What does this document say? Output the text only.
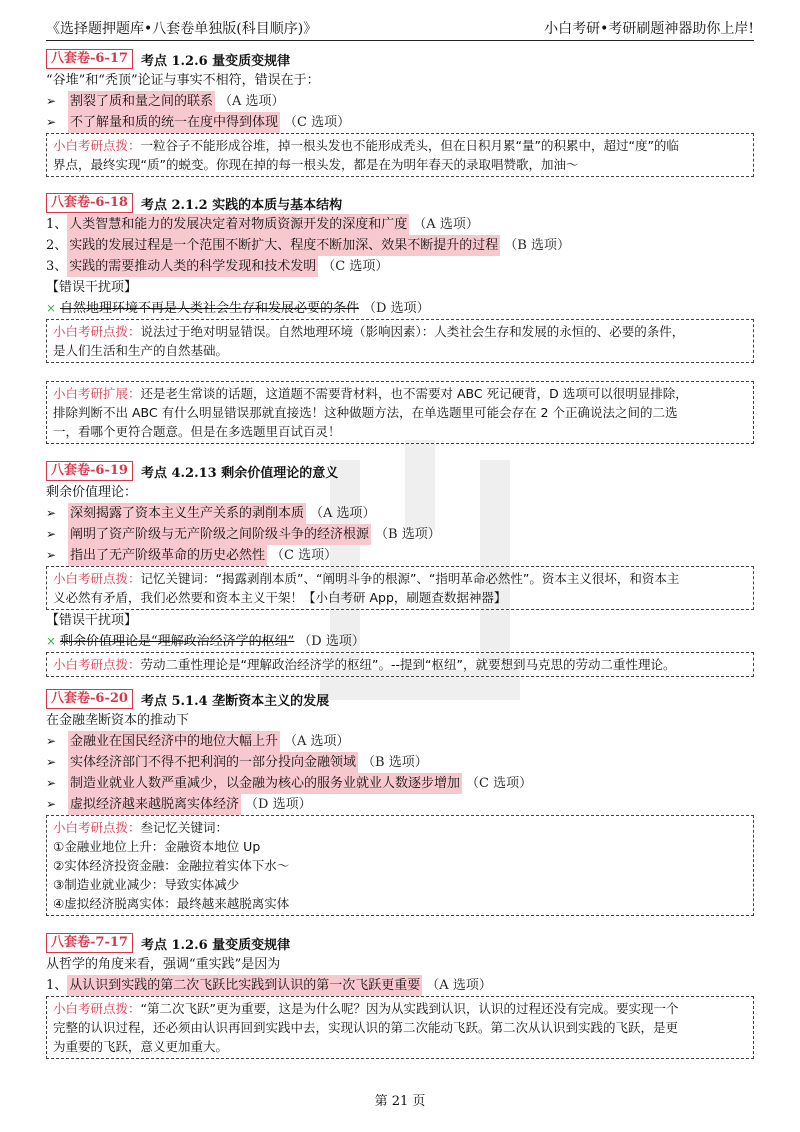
《选择题押题库•八套卷单独版(科目顺序)》	小白考研•考研刷题神器助你上岸!
八套卷-6-17	考点 1.2.6 量变质变规律
“谷堆”和“秃顶”论证与事实不相符，错误在于：
➢	割裂了质和量之间的联系 （A 选项）
➢	不了解量和质的统一在度中得到体现 （C 选项）
小白考研点拨：一粒谷子不能形成谷堆，掉一根头发也不能形成秃头，但在日积月累“量”的积累中，超过“度”的临
界点，最终实现“质”的蜕变。你现在掉的每一根头发，都是在为明年春天的录取唱赞歌，加油～
八套卷-6-18	考点 2.1.2 实践的本质与基本结构
1、 人类智慧和能力的发展决定着对物质资源开发的深度和广度 （A 选项）
2、 实践的发展过程是一个范围不断扩大、程度不断加深、效果不断提升的过程 （B 选项）
3、 实践的需要推动人类的科学发现和技术发明 （C 选项）
【错误干扰项】
× 自然地理环境不再是人类社会生存和发展必要的条件 （D 选项）
小白考研点拨：说法过于绝对明显错误。自然地理环境（影响因素）：人类社会生存和发展的永恒的、必要的条件，
是人们生活和生产的自然基础。
小白考研扩展：还是老生常谈的话题，这道题不需要背材料，也不需要对 ABC 死记硬背，D 选项可以很明显排除，
排除判断不出 ABC 有什么明显错误那就直接选！这种做题方法，在单选题里可能会存在 2 个正确说法之间的二选
一，看哪个更符合题意。但是在多选题里百试百灵！
八套卷-6-19	考点 4.2.13 剩余价值理论的意义
剩余价值理论：
➢	深刻揭露了资本主义生产关系的剥削本质 （A 选项）
➢	阐明了资产阶级与无产阶级之间阶级斗争的经济根源 （B 选项）
➢	指出了无产阶级革命的历史必然性 （C 选项）
小白考研点拨：记忆关键词：“揭露剥削本质”、“阐明斗争的根源”、“指明革命必然性”。资本主义很坏，和资本主
义必然有矛盾，我们必然要和资本主义干架！【小白考研 App，刷题查数据神器】
【错误干扰项】
× 剩余价值理论是“理解政治经济学的枢纽” （D 选项）
小白考研点拨：劳动二重性理论是“理解政治经济学的枢纽”。--提到“枢纽”，就要想到马克思的劳动二重性理论。
八套卷-6-20	考点 5.1.4 垄断资本主义的发展
在金融垄断资本的推动下
➢	金融业在国民经济中的地位大幅上升 （A 选项）
➢	实体经济部门不得不把利润的一部分投向金融领域 （B 选项）
➢	制造业就业人数严重减少，以金融为核心的服务业就业人数逐步增加 （C 选项）
➢	虚拟经济越来越脱离实体经济 （D 选项）
小白考研点拨：叁记忆关键词：
①金融业地位上升：金融资本地位 Up
②实体经济投资金融：金融拉着实体下水～
③制造业就业减少：导致实体减少
④虚拟经济脱离实体：最终越来越脱离实体
八套卷-7-17	考点 1.2.6 量变质变规律
从哲学的角度来看，强调“重实践”是因为
1、 从认识到实践的第二次飞跃比实践到认识的第一次飞跃更重要 （A 选项）
小白考研点拨：“第二次飞跃”更为重要，这是为什么呢？因为从实践到认识，认识的过程还没有完成。要实现一个
完整的认识过程，还必须由认识再回到实践中去，实现认识的第二次能动飞跃。第二次从认识到实践的飞跃，是更
为重要的飞跃，意义更加重大。
第 21 页
